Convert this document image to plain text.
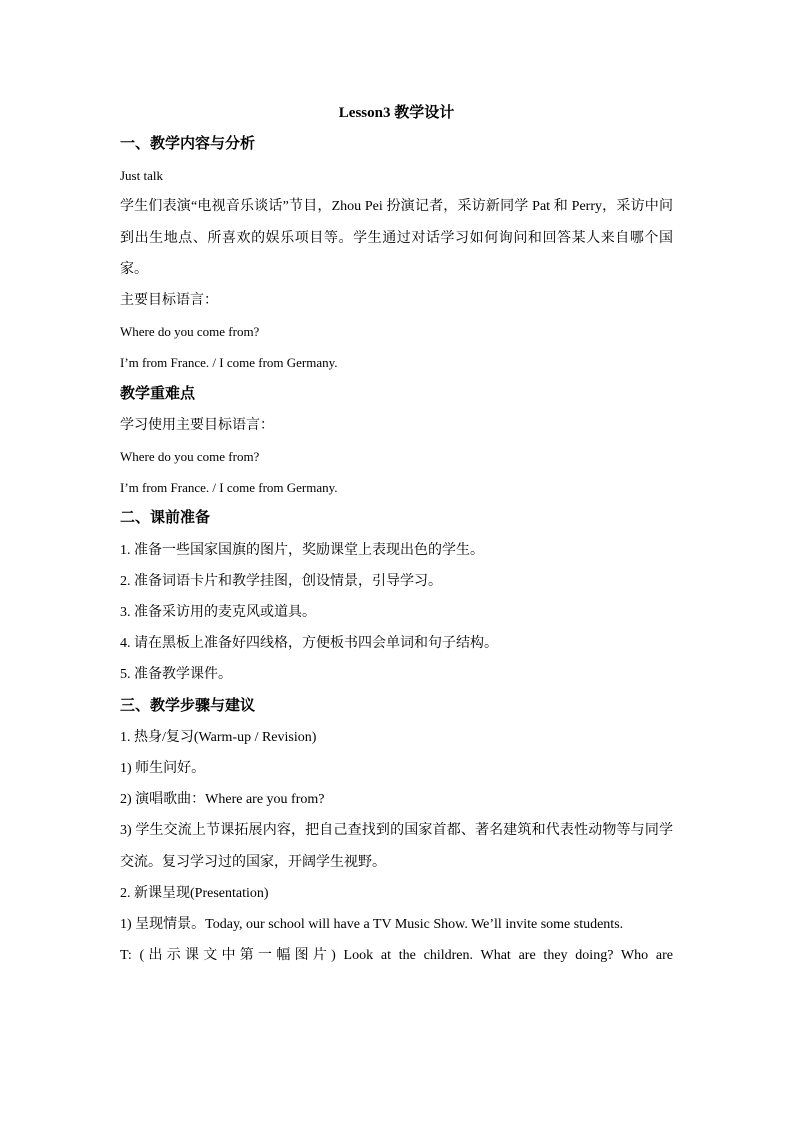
Lesson3 教学设计
一、教学内容与分析
Just talk
学生们表演“电视音乐谈话”节目，Zhou Pei 扮演记者，采访新同学 Pat 和 Perry，采访中问到出生地点、所喜欢的娱乐项目等。学生通过对话学习如何询问和回答某人来自哪个国家。
主要目标语言：
Where do you come from?
I’m from France. / I come from Germany.
教学重难点
学习使用主要目标语言：
Where do you come from?
I’m from France. / I come from Germany.
二、课前准备
1. 准备一些国家国旗的图片，奖励课堂上表现出色的学生。
2. 准备词语卡片和教学挂图，创设情景，引导学习。
3. 准备采访用的麦克风或道具。
4. 请在黑板上准备好四线格，方便板书四会单词和句子结构。
5. 准备教学课件。
三、教学步骤与建议
1. 热身/复习(Warm-up / Revision)
1) 师生问好。
2) 演唱歌曲：Where are you from?
3) 学生交流上节课拓展内容，把自己查找到的国家首都、著名建筑和代表性动物等与同学交流。复习学习过的国家，开阔学生视野。
2. 新课呈现(Presentation)
1) 呈现情景。Today, our school will have a TV Music Show. We’ll invite some students.
T: (出示课文中第一幅图片) Look at the children. What are they doing? Who are
